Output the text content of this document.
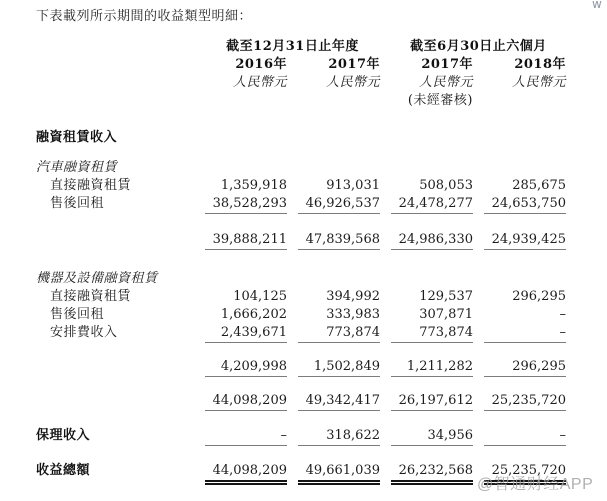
下表載列所示期間的收益類型明細：
截至12月31日止年度	截至6月30日止六個月
2016年	2017年	2017年	2018年
人民幣元	人民幣元	人民幣元	人民幣元
(未經審核)
融資租賃收入
汽車融資租賃
直接融資租賃	1,359,918	913,031	508,053	285,675
售後回租	38,528,293	46,926,537	24,478,277	24,653,750
39,888,211	47,839,568	24,986,330	24,939,425
機器及設備融資租賃
直接融資租賃	104,125	394,992	129,537	296,295
售後回租	1,666,202	333,983	307,871	–
安排費收入	2,439,671	773,874	773,874	–
4,209,998	1,502,849	1,211,282	296,295
44,098,209	49,342,417	26,197,612	25,235,720
保理收入	–	318,622	34,956	–
收益總額	44,098,209	49,661,039	26,232,568	25,235,720
@智通财经APP
w
